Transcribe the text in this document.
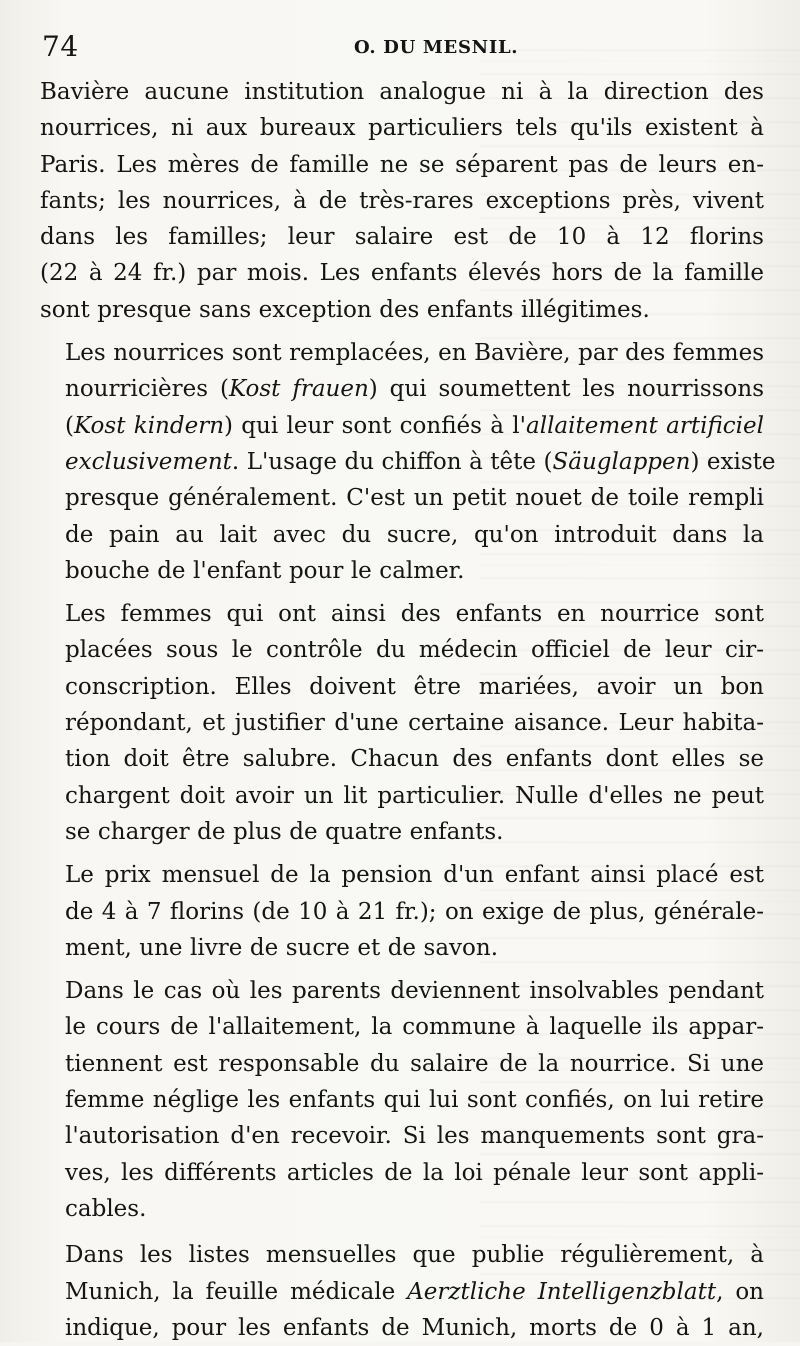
74	O. DU MESNIL.

Bavière aucune institution analogue ni à la direction des
nourrices, ni aux bureaux particuliers tels qu'ils existent à
Paris. Les mères de famille ne se séparent pas de leurs en-
fants; les nourrices, à de très-rares exceptions près, vivent
dans les familles; leur salaire est de 10 à 12 florins
(22 à 24 fr.) par mois. Les enfants élevés hors de la famille
sont presque sans exception des enfants illégitimes.

Les nourrices sont remplacées, en Bavière, par des femmes
nourricières (Kost frauen) qui soumettent les nourrissons
(Kost kindern) qui leur sont confiés à l'allaitement artificiel
exclusivement. L'usage du chiffon à tête (Säuglappen) existe
presque généralement. C'est un petit nouet de toile rempli
de pain au lait avec du sucre, qu'on introduit dans la
bouche de l'enfant pour le calmer.

Les femmes qui ont ainsi des enfants en nourrice sont
placées sous le contrôle du médecin officiel de leur cir-
conscription. Elles doivent être mariées, avoir un bon
répondant, et justifier d'une certaine aisance. Leur habita-
tion doit être salubre. Chacun des enfants dont elles se
chargent doit avoir un lit particulier. Nulle d'elles ne peut
se charger de plus de quatre enfants.

Le prix mensuel de la pension d'un enfant ainsi placé est
de 4 à 7 florins (de 10 à 21 fr.); on exige de plus, générale-
ment, une livre de sucre et de savon.

Dans le cas où les parents deviennent insolvables pendant
le cours de l'allaitement, la commune à laquelle ils appar-
tiennent est responsable du salaire de la nourrice. Si une
femme néglige les enfants qui lui sont confiés, on lui retire
l'autorisation d'en recevoir. Si les manquements sont gra-
ves, les différents articles de la loi pénale leur sont appli-
cables.

Dans les listes mensuelles que publie régulièrement, à
Munich, la feuille médicale Aerztliche Intelligenzblatt, on
indique, pour les enfants de Munich, morts de 0 à 1 an,
